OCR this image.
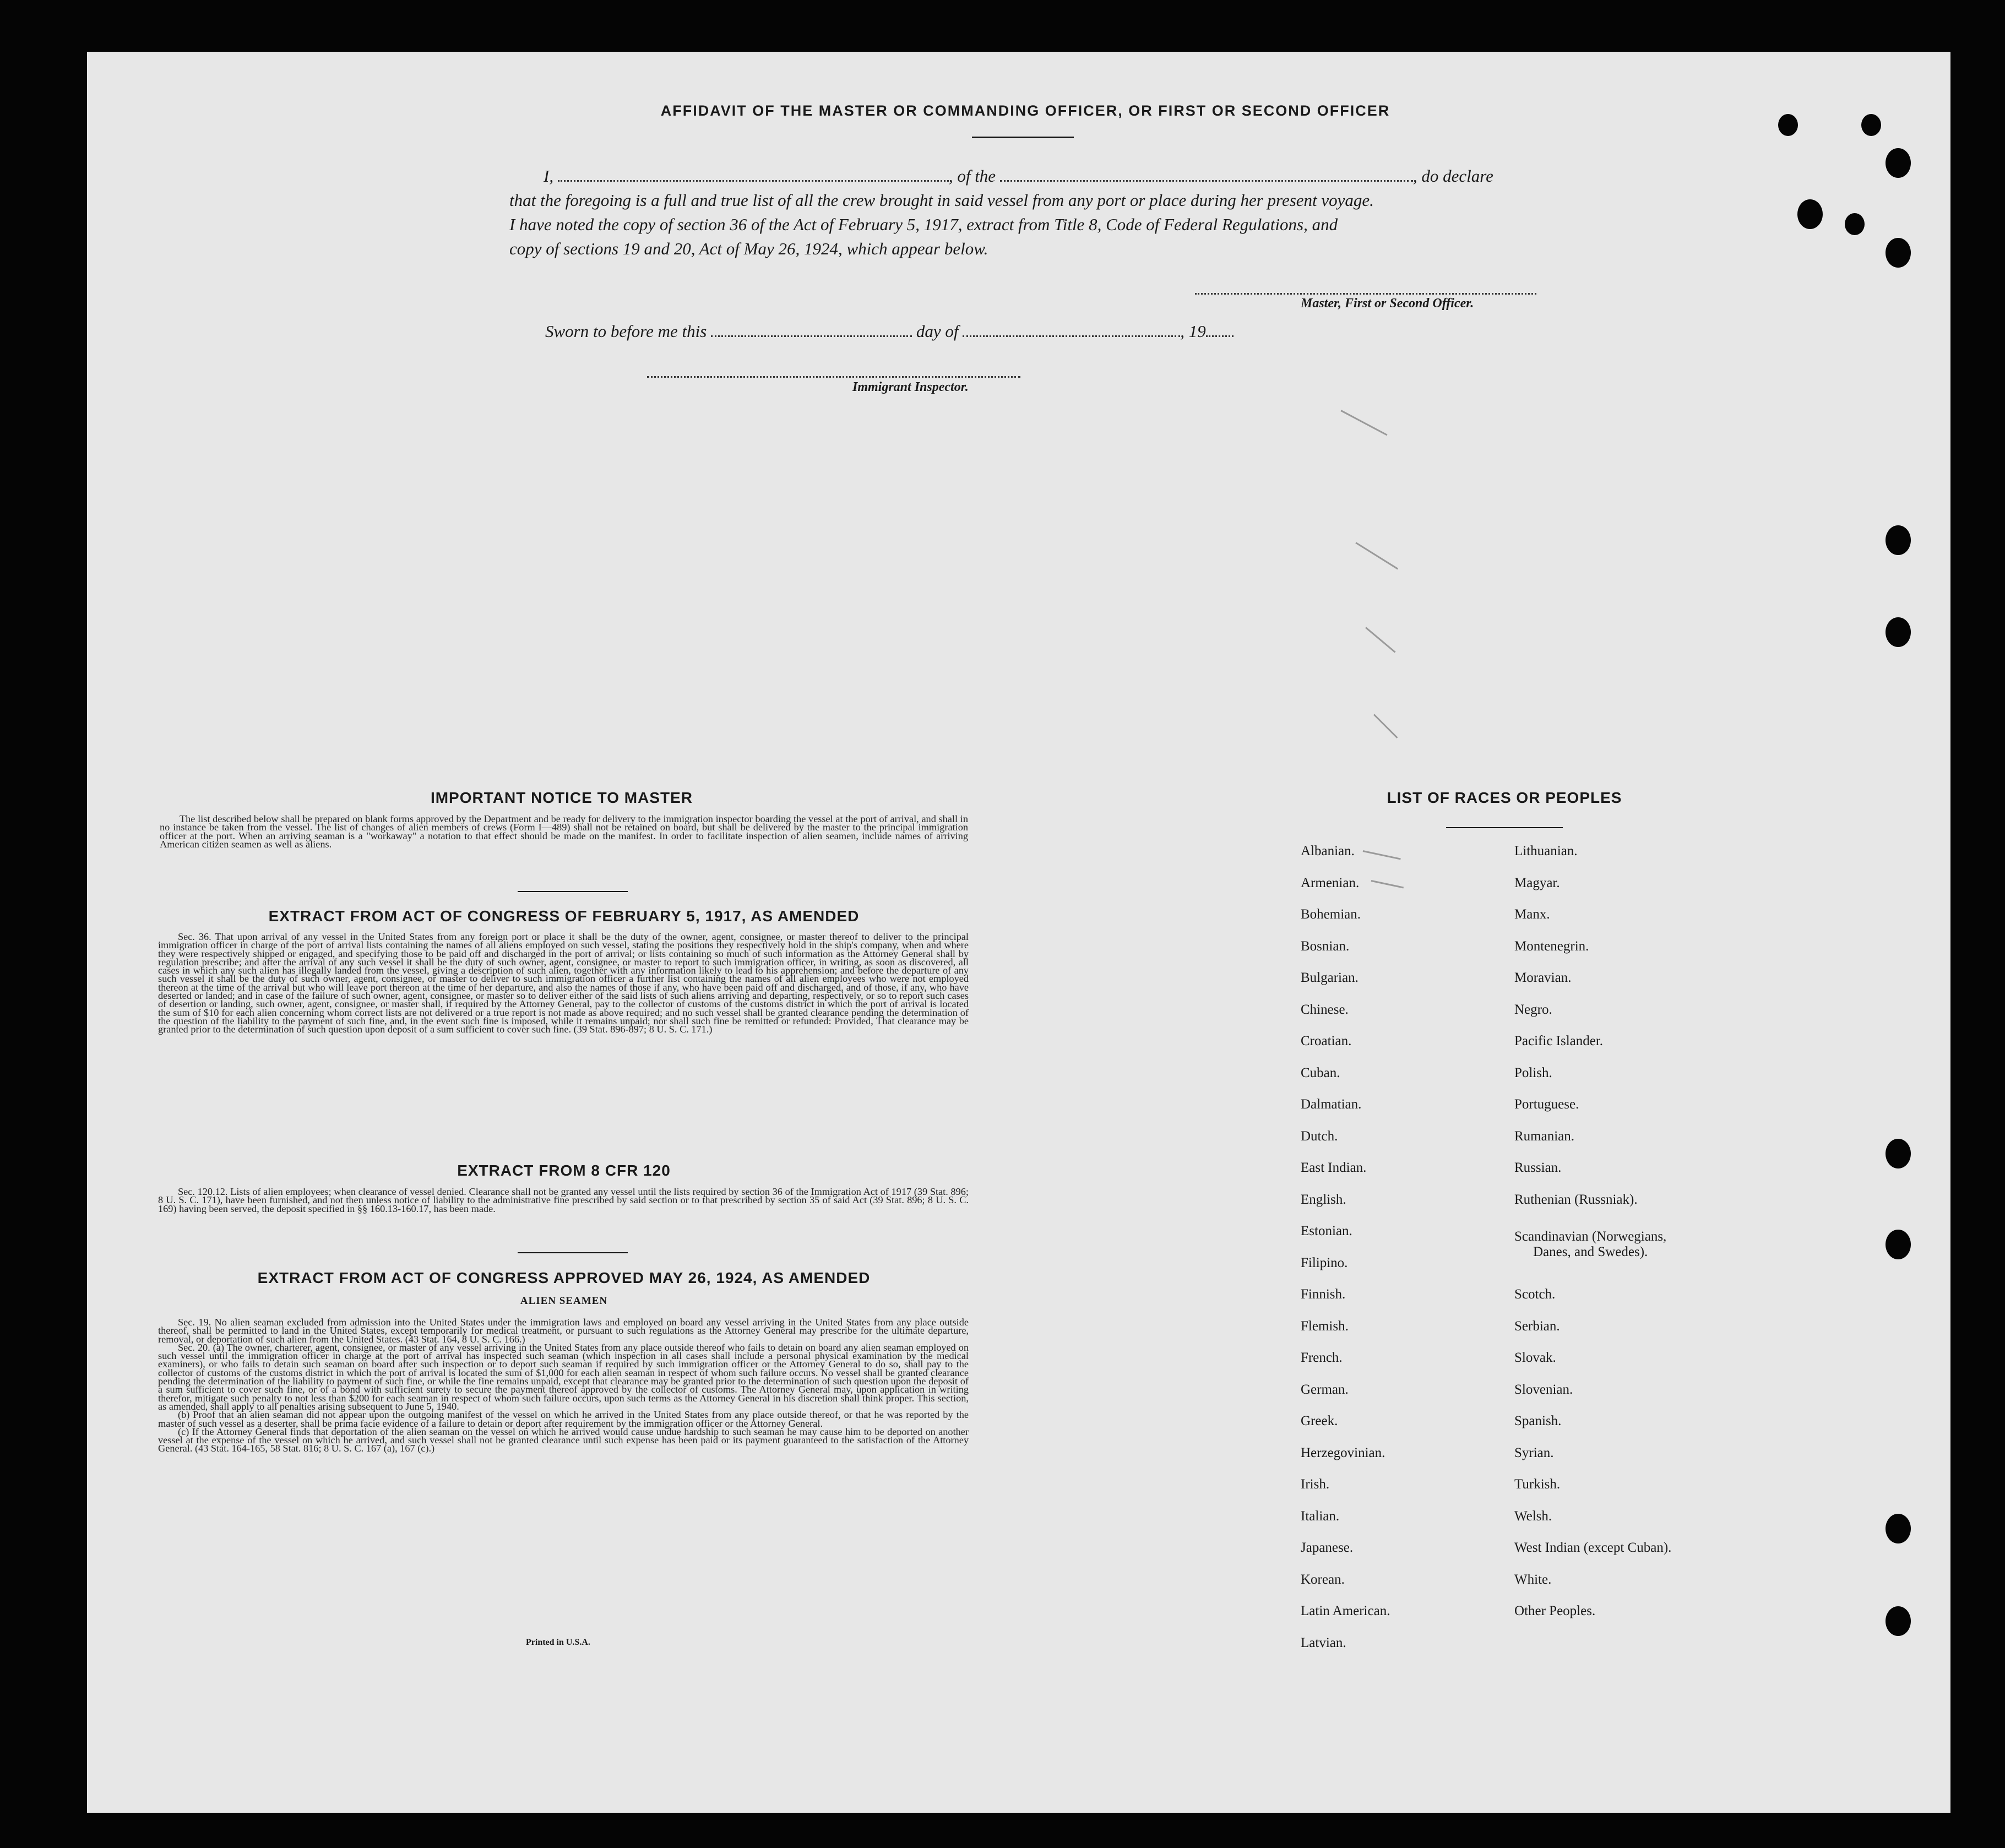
AFFIDAVIT OF THE MASTER OR COMMANDING OFFICER, OR FIRST OR SECOND OFFICER
I,	, of the	, do declare
that the foregoing is a full and true list of all the crew brought in said vessel from any port or place during her present voyage.
I have noted the copy of section 36 of the Act of February 5, 1917, extract from Title 8, Code of Federal Regulations, and
copy of sections 19 and 20, Act of May 26, 1924, which appear below.
Master, First or Second Officer.
Sworn to before me this	day of	, 19
Immigrant Inspector.
IMPORTANT NOTICE TO MASTER

The list described below shall be prepared on blank forms approved by the Department and be ready for delivery to the immigration inspector boarding the vessel at the port of arrival, and shall in no instance be taken from the vessel. The list of changes of alien members of crews (Form I—489) shall not be retained on board, but shall be delivered by the master to the principal immigration officer at the port. When an arriving seaman is a "workaway" a notation to that effect should be made on the manifest. In order to facilitate inspection of alien seamen, include names of arriving American citizen seamen as well as aliens.

EXTRACT FROM ACT OF CONGRESS OF FEBRUARY 5, 1917, AS AMENDED

Sec. 36. That upon arrival of any vessel in the United States from any foreign port or place it shall be the duty of the owner, agent, consignee, or master thereof to deliver to the principal immigration officer in charge of the port of arrival lists containing the names of all aliens employed on such vessel, stating the positions they respectively hold in the ship's company, when and where they were respectively shipped or engaged, and specifying those to be paid off and discharged in the port of arrival; or lists containing so much of such information as the Attorney General shall by regulation prescribe; and after the arrival of any such vessel it shall be the duty of such owner, agent, consignee, or master to report to such immigration officer, in writing, as soon as discovered, all cases in which any such alien has illegally landed from the vessel, giving a description of such alien, together with any information likely to lead to his apprehension; and before the departure of any such vessel it shall be the duty of such owner, agent, consignee, or master to deliver to such immigration officer a further list containing the names of all alien employees who were not employed thereon at the time of the arrival but who will leave port thereon at the time of her departure, and also the names of those if any, who have been paid off and discharged, and of those, if any, who have deserted or landed; and in case of the failure of such owner, agent, consignee, or master so to deliver either of the said lists of such aliens arriving and departing, respectively, or so to report such cases of desertion or landing, such owner, agent, consignee, or master shall, if required by the Attorney General, pay to the collector of customs of the customs district in which the port of arrival is located the sum of $10 for each alien concerning whom correct lists are not delivered or a true report is not made as above required; and no such vessel shall be granted clearance pending the determination of the question of the liability to the payment of such fine, and, in the event such fine is imposed, while it remains unpaid; nor shall such fine be remitted or refunded: Provided, That clearance may be granted prior to the determination of such question upon deposit of a sum sufficient to cover such fine. (39 Stat. 896-897; 8 U. S. C. 171.)

EXTRACT FROM 8 CFR 120

Sec. 120.12. Lists of alien employees; when clearance of vessel denied. Clearance shall not be granted any vessel until the lists required by section 36 of the Immigration Act of 1917 (39 Stat. 896; 8 U. S. C. 171), have been furnished, and not then unless notice of liability to the administrative fine prescribed by said section or to that prescribed by section 35 of said Act (39 Stat. 896; 8 U. S. C. 169) having been served, the deposit specified in §§ 160.13-160.17, has been made.

EXTRACT FROM ACT OF CONGRESS APPROVED MAY 26, 1924, AS AMENDED
ALIEN SEAMEN

Sec. 19. No alien seaman excluded from admission into the United States under the immigration laws and employed on board any vessel arriving in the United States from any place outside thereof, shall be permitted to land in the United States, except temporarily for medical treatment, or pursuant to such regulations as the Attorney General may prescribe for the ultimate departure, removal, or deportation of such alien from the United States. (43 Stat. 164, 8 U. S. C. 166.)

Sec. 20. (a) The owner, charterer, agent, consignee, or master of any vessel arriving in the United States from any place outside thereof who fails to detain on board any alien seaman employed on such vessel until the immigration officer in charge at the port of arrival has inspected such seaman (which inspection in all cases shall include a personal physical examination by the medical examiners), or who fails to detain such seaman on board after such inspection or to deport such seaman if required by such immigration officer or the Attorney General to do so, shall pay to the collector of customs of the customs district in which the port of arrival is located the sum of $1,000 for each alien seaman in respect of whom such failure occurs. No vessel shall be granted clearance pending the determination of the liability to payment of such fine, or while the fine remains unpaid, except that clearance may be granted prior to the determination of such question upon the deposit of a sum sufficient to cover such fine, or of a bond with sufficient surety to secure the payment thereof approved by the collector of customs. The Attorney General may, upon application in writing therefor, mitigate such penalty to not less than $200 for each seaman in respect of whom such failure occurs, upon such terms as the Attorney General in his discretion shall think proper. This section, as amended, shall apply to all penalties arising subsequent to June 5, 1940.

(b) Proof that an alien seaman did not appear upon the outgoing manifest of the vessel on which he arrived in the United States from any place outside thereof, or that he was reported by the master of such vessel as a deserter, shall be prima facie evidence of a failure to detain or deport after requirement by the immigration officer or the Attorney General.

(c) If the Attorney General finds that deportation of the alien seaman on the vessel on which he arrived would cause undue hardship to such seaman he may cause him to be deported on another vessel at the expense of the vessel on which he arrived, and such vessel shall not be granted clearance until such expense has been paid or its payment guaranteed to the satisfaction of the Attorney General. (43 Stat. 164-165, 58 Stat. 816; 8 U. S. C. 167 (a), 167 (c).)

Printed in U.S.A.
LIST OF RACES OR PEOPLES
Albanian.
Armenian.
Bohemian.
Bosnian.
Bulgarian.
Chinese.
Croatian.
Cuban.
Dalmatian.
Dutch.
East Indian.
English.
Estonian.
Filipino.
Finnish.
Flemish.
French.
German.
Greek.
Herzegovinian.
Irish.
Italian.
Japanese.
Korean.
Latin American.
Latvian.
Lithuanian.
Magyar.
Manx.
Montenegrin.
Moravian.
Negro.
Pacific Islander.
Polish.
Portuguese.
Rumanian.
Russian.
Ruthenian (Russniak).
Scandinavian (Norwegians,
Danes, and Swedes).
Scotch.
Serbian.
Slovak.
Slovenian.
Spanish.
Syrian.
Turkish.
Welsh.
West Indian (except Cuban).
White.
Other Peoples.
